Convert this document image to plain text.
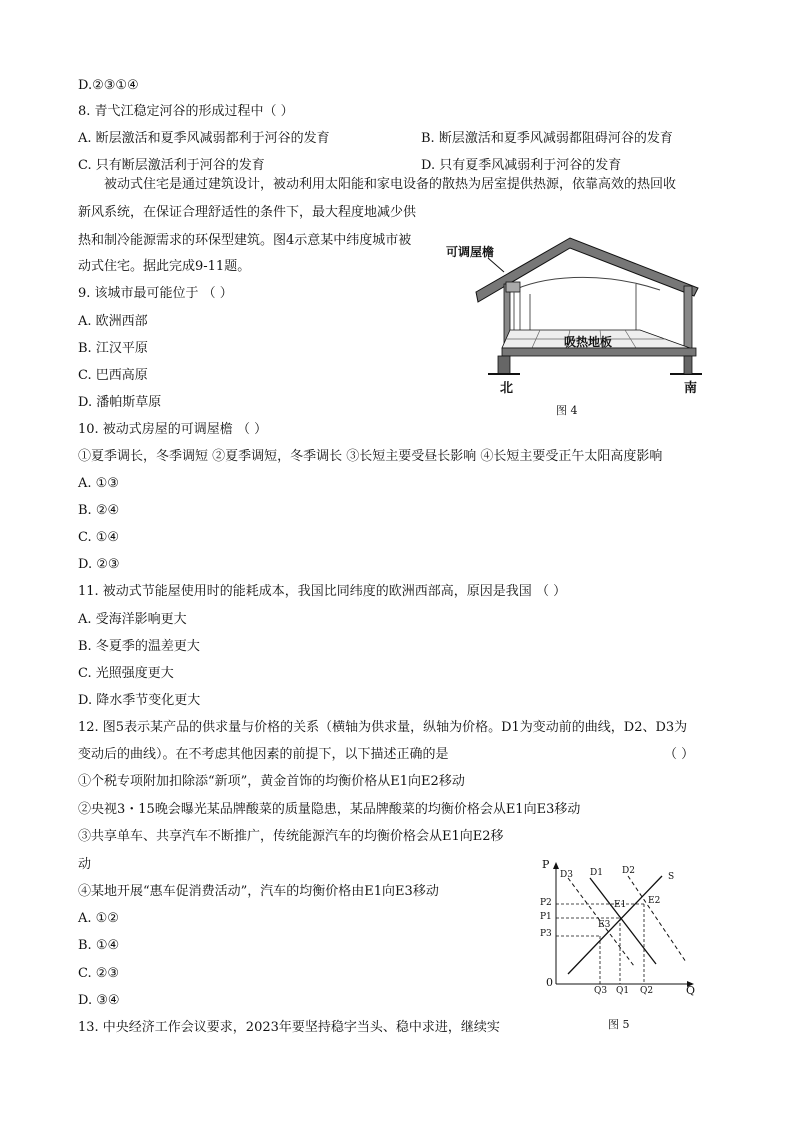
D.②③①④
8. 青弋江稳定河谷的形成过程中（ ）
A. 断层激活和夏季风减弱都利于河谷的发育	B. 断层激活和夏季风减弱都阻碍河谷的发育
C. 只有断层激活利于河谷的发育	D. 只有夏季风减弱利于河谷的发育
被动式住宅是通过建筑设计，被动利用太阳能和家电设备的散热为居室提供热源，依靠高效的热回收
新风系统，在保证合理舒适性的条件下，最大程度地减少供
热和制冷能源需求的环保型建筑。图4示意某中纬度城市被
动式住宅。据此完成9-11题。
9. 该城市最可能位于 （ ）
A. 欧洲西部
B. 江汉平原
C. 巴西高原
D. 潘帕斯草原
10. 被动式房屋的可调屋檐 （ ）
①夏季调长，冬季调短 ②夏季调短，冬季调长 ③长短主要受昼长影响 ④长短主要受正午太阳高度影响
A. ①③
B. ②④
C. ①④
D. ②③
11. 被动式节能屋使用时的能耗成本，我国比同纬度的欧洲西部高，原因是我国 （ ）
A. 受海洋影响更大
B. 冬夏季的温差更大
C. 光照强度更大
D. 降水季节变化更大
12. 图5表示某产品的供求量与价格的关系（横轴为供求量，纵轴为价格。D1为变动前的曲线，D2、D3为
变动后的曲线）。在不考虑其他因素的前提下，以下描述正确的是	（ ）
①个税专项附加扣除添“新项”，黄金首饰的均衡价格从E1向E2移动
②央视3・15晚会曝光某品牌酸菜的质量隐患，某品牌酸菜的均衡价格会从E1向E3移动
③共享单车、共享汽车不断推广，传统能源汽车的均衡价格会从E1向E2移
动
④某地开展“惠车促消费活动”，汽车的均衡价格由E1向E3移动
A. ①②
B. ①④
C. ②③
D. ③④
13. 中央经济工作会议要求，2023年要坚持稳字当头、稳中求进，继续实
可调屋檐
吸热地板
北	南
图 4
P
Q
0
D3 D1 D2
S
E1 E2
E3
P2
P1
P3
Q3 Q1 Q2
图 5
